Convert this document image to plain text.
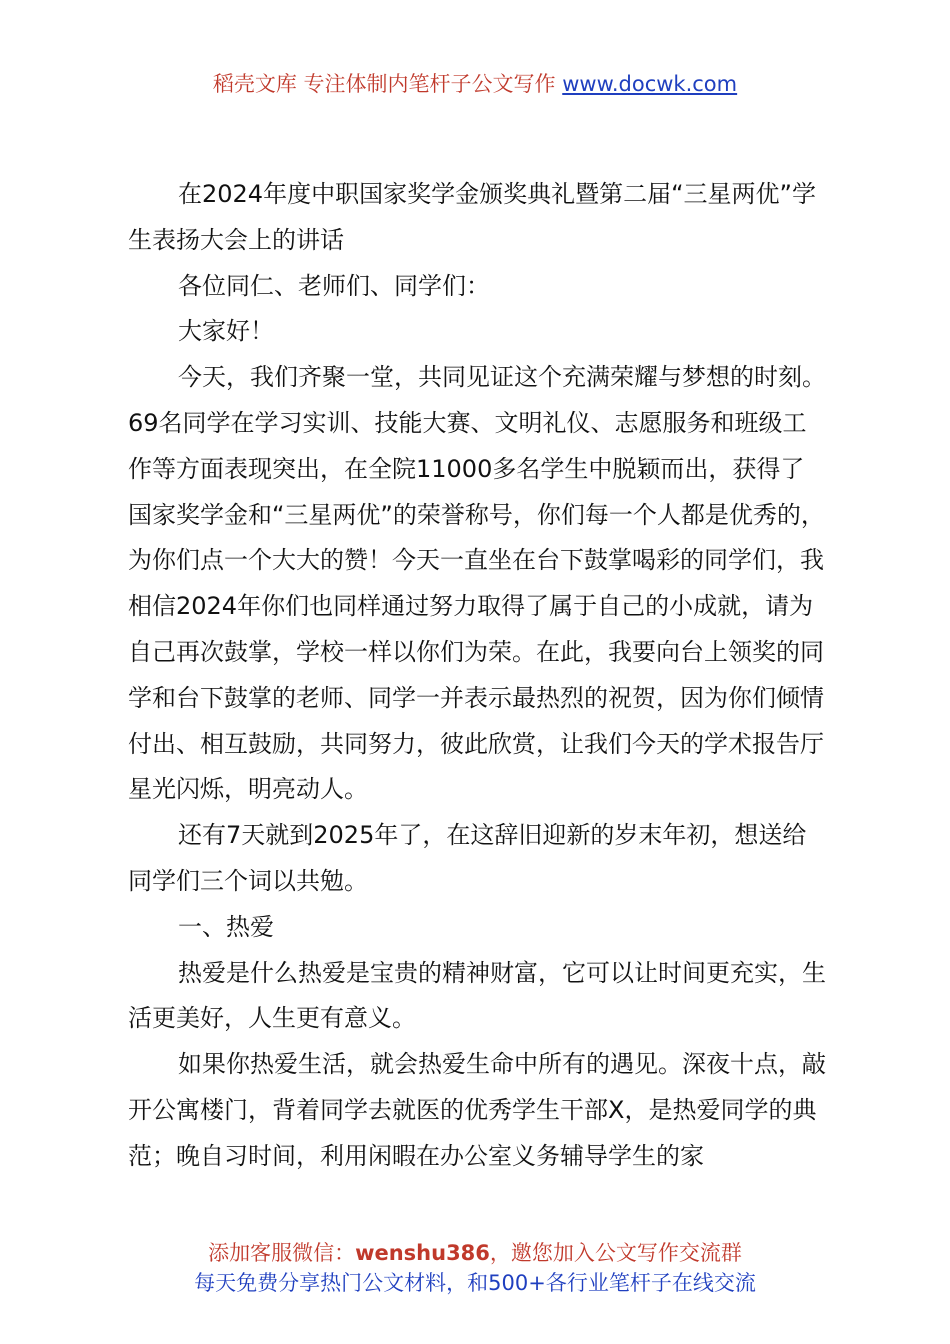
稻壳文库 专注体制内笔杆子公文写作 www.docwk.com

在2024年度中职国家奖学金颁奖典礼暨第二届“三星两优”学生表扬大会上的讲话

各位同仁、老师们、同学们：

大家好！

今天，我们齐聚一堂，共同见证这个充满荣耀与梦想的时刻。69名同学在学习实训、技能大赛、文明礼仪、志愿服务和班级工作等方面表现突出，在全院11000多名学生中脱颖而出，获得了国家奖学金和“三星两优”的荣誉称号，你们每一个人都是优秀的，为你们点一个大大的赞！今天一直坐在台下鼓掌喝彩的同学们，我相信2024年你们也同样通过努力取得了属于自己的小成就，请为自己再次鼓掌，学校一样以你们为荣。在此，我要向台上领奖的同学和台下鼓掌的老师、同学一并表示最热烈的祝贺，因为你们倾情付出、相互鼓励，共同努力，彼此欣赏，让我们今天的学术报告厅星光闪烁，明亮动人。

还有7天就到2025年了，在这辞旧迎新的岁末年初，想送给同学们三个词以共勉。

一、热爱

热爱是什么热爱是宝贵的精神财富，它可以让时间更充实，生活更美好，人生更有意义。

如果你热爱生活，就会热爱生命中所有的遇见。深夜十点，敲开公寓楼门，背着同学去就医的优秀学生干部X，是热爱同学的典范；晚自习时间，利用闲暇在办公室义务辅导学生的家

添加客服微信：wenshu386，邀您加入公文写作交流群
每天免费分享热门公文材料，和500+各行业笔杆子在线交流
